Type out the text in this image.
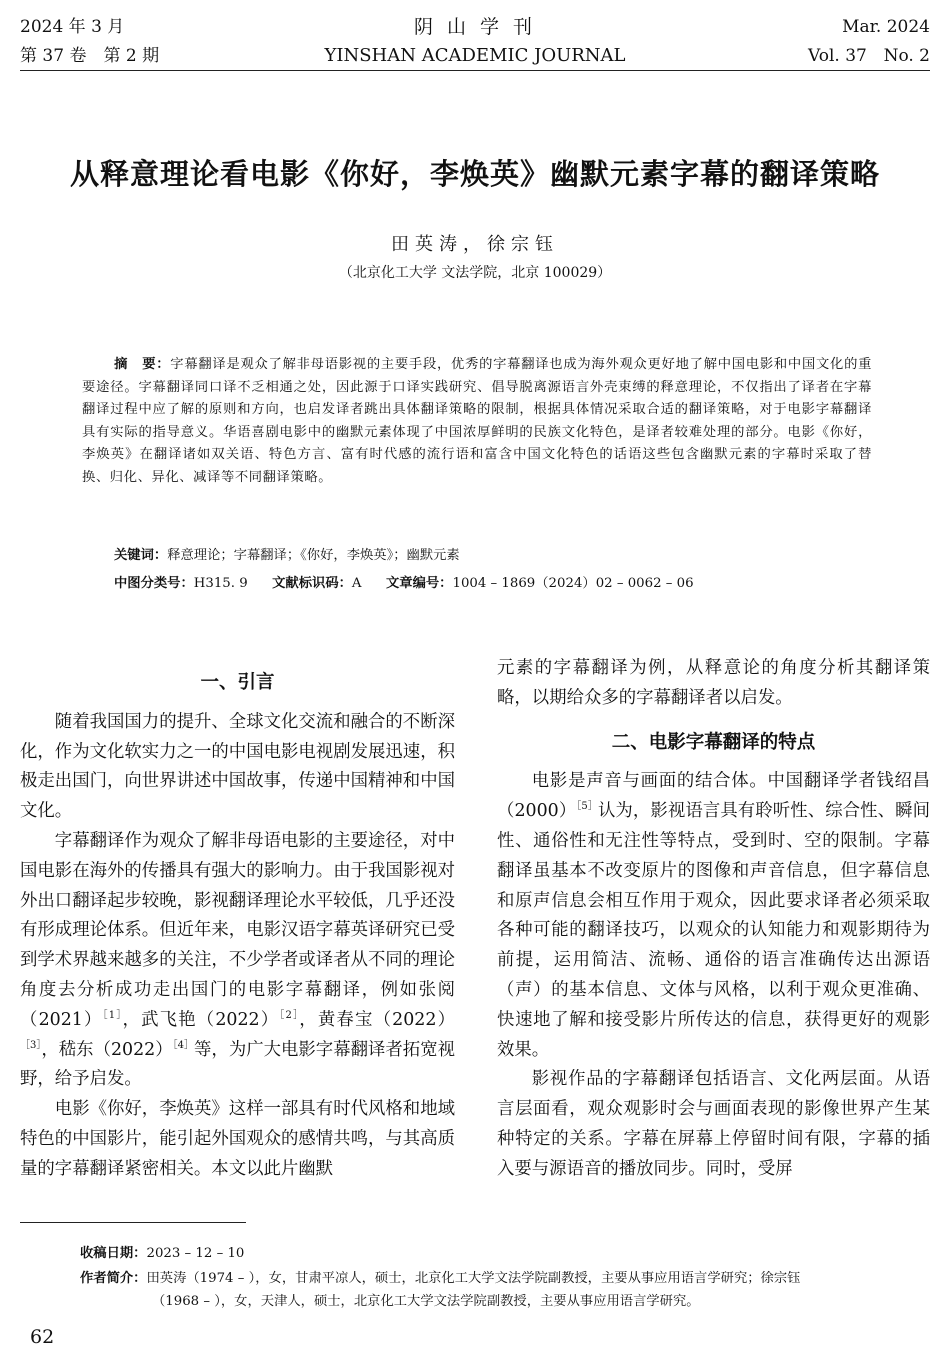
2024 年 3 月
第 37 卷　第 2 期
阴 山 学 刊
YINSHAN ACADEMIC JOURNAL
Mar. 2024
Vol. 37 No. 2
从释意理论看电影《你好，李焕英》幽默元素字幕的翻译策略
田英涛，徐宗钰
（北京化工大学 文法学院，北京 100029）
摘　要：字幕翻译是观众了解非母语影视的主要手段，优秀的字幕翻译也成为海外观众更好地了解中国电影和中国文化的重要途径。字幕翻译同口译不乏相通之处，因此源于口译实践研究、倡导脱离源语言外壳束缚的释意理论，不仅指出了译者在字幕翻译过程中应了解的原则和方向，也启发译者跳出具体翻译策略的限制，根据具体情况采取合适的翻译策略，对于电影字幕翻译具有实际的指导意义。华语喜剧电影中的幽默元素体现了中国浓厚鲜明的民族文化特色，是译者较难处理的部分。电影《你好，李焕英》在翻译诸如双关语、特色方言、富有时代感的流行语和富含中国文化特色的话语这些包含幽默元素的字幕时采取了替换、归化、异化、减译等不同翻译策略。
关键词：释意理论；字幕翻译；《你好，李焕英》；幽默元素
中图分类号：H315. 9 文献标识码：A 文章编号：1004 – 1869（2024）02 – 0062 – 06
一、引言

随着我国国力的提升、全球文化交流和融合的不断深化，作为文化软实力之一的中国电影电视剧发展迅速，积极走出国门，向世界讲述中国故事，传递中国精神和中国文化。

字幕翻译作为观众了解非母语电影的主要途径，对中国电影在海外的传播具有强大的影响力。由于我国影视对外出口翻译起步较晚，影视翻译理论水平较低，几乎还没有形成理论体系。但近年来，电影汉语字幕英译研究已受到学术界越来越多的关注，不少学者或译者从不同的理论角度去分析成功走出国门的电影字幕翻译，例如张阅$(2021)^{[1]}$，武飞艳$(2022)^{[2]}$，黄春宝$(2022)^{[3]}$，嵇东$(2022)^{[4]}$等，为广大电影字幕翻译者拓宽视野，给予启发。

电影《你好，李焕英》这样一部具有时代风格和地域特色的中国影片，能引起外国观众的感情共鸣，与其高质量的字幕翻译紧密相关。本文以此片幽默

元素的字幕翻译为例，从释意论的角度分析其翻译策略，以期给众多的字幕翻译者以启发。

二、电影字幕翻译的特点

电影是声音与画面的结合体。中国翻译学者钱绍昌$(2000)^{[5]}$认为，影视语言具有聆听性、综合性、瞬间性、通俗性和无注性等特点，受到时、空的限制。字幕翻译虽基本不改变原片的图像和声音信息，但字幕信息和原声信息会相互作用于观众，因此要求译者必须采取各种可能的翻译技巧，以观众的认知能力和观影期待为前提，运用简洁、流畅、通俗的语言准确传达出源语（声）的基本信息、文体与风格，以利于观众更准确、快速地了解和接受影片所传达的信息，获得更好的观影效果。

影视作品的字幕翻译包括语言、文化两层面。从语言层面看，观众观影时会与画面表现的影像世界产生某种特定的关系。字幕在屏幕上停留时间有限，字幕的插入要与源语音的播放同步。同时，受屏

收稿日期：2023 – 12 – 10
作者简介：田英涛（1974 – ），女，甘肃平凉人，硕士，北京化工大学文法学院副教授，主要从事应用语言学研究；徐宗钰
（1968 – ），女，天津人，硕士，北京化工大学文法学院副教授，主要从事应用语言学研究。
62
